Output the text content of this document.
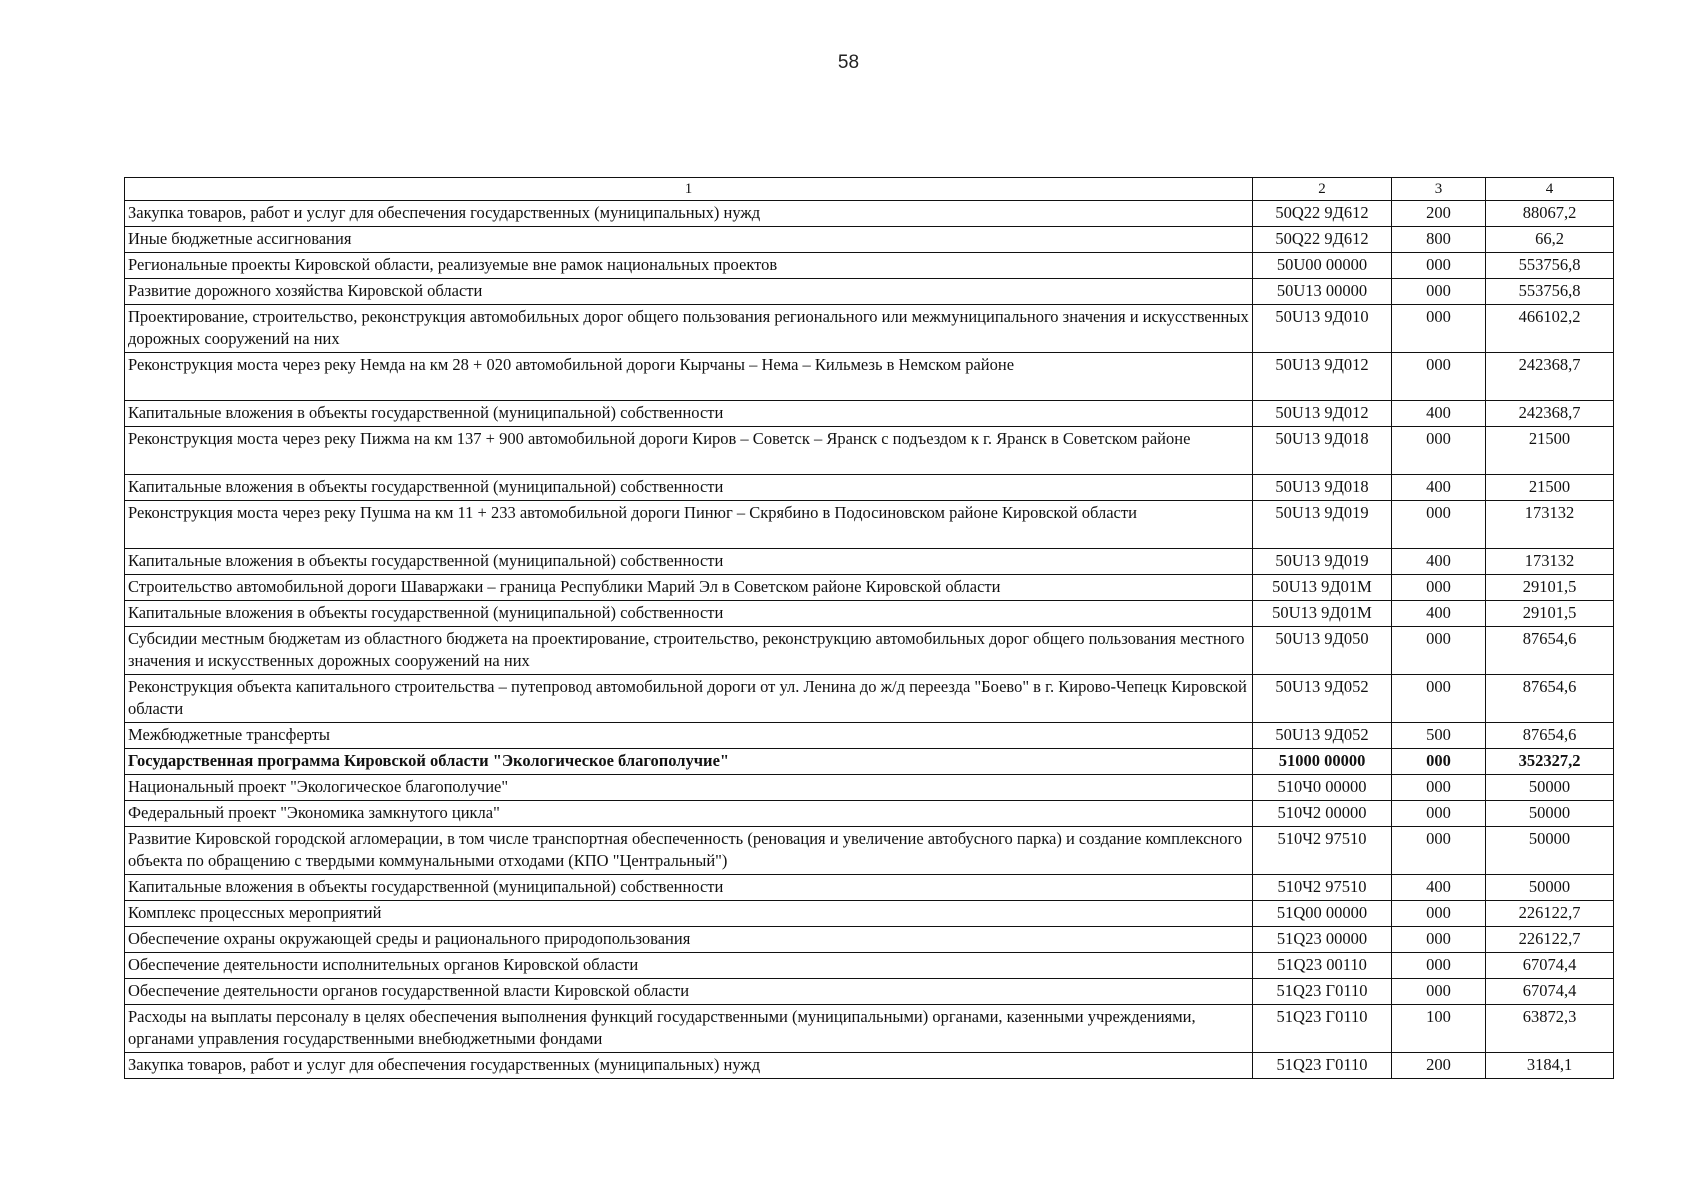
58
1	2	3	4
Закупка товаров, работ и услуг для обеспечения государственных (муниципальных) нужд	50Q22 9Д612	200	88067,2
Иные бюджетные ассигнования	50Q22 9Д612	800	66,2
Региональные проекты Кировской области, реализуемые вне рамок национальных проектов	50U00 00000	000	553756,8
Развитие дорожного хозяйства Кировской области	50U13 00000	000	553756,8
Проектирование, строительство, реконструкция автомобильных дорог общего пользования регионального или межмуниципального значения и искусственных дорожных сооружений на них	50U13 9Д010	000	466102,2
Реконструкция моста через реку Немда на км 28 + 020 автомобильной дороги Кырчаны – Нема – Кильмезь в Немском районе	50U13 9Д012	000	242368,7
Капитальные вложения в объекты государственной (муниципальной) собственности	50U13 9Д012	400	242368,7
Реконструкция моста через реку Пижма на км 137 + 900 автомобильной дороги Киров – Советск – Яранск с подъездом к г. Яранск в Советском районе	50U13 9Д018	000	21500
Капитальные вложения в объекты государственной (муниципальной) собственности	50U13 9Д018	400	21500
Реконструкция моста через реку Пушма на км 11 + 233 автомобильной дороги Пинюг – Скрябино в Подосиновском районе Кировской области	50U13 9Д019	000	173132
Капитальные вложения в объекты государственной (муниципальной) собственности	50U13 9Д019	400	173132
Строительство автомобильной дороги Шаваржаки – граница Республики Марий Эл в Советском районе Кировской области	50U13 9Д01М	000	29101,5
Капитальные вложения в объекты государственной (муниципальной) собственности	50U13 9Д01М	400	29101,5
Субсидии местным бюджетам из областного бюджета на проектирование, строительство, реконструкцию автомобильных дорог общего пользования местного значения и искусственных дорожных сооружений на них	50U13 9Д050	000	87654,6
Реконструкция объекта капитального строительства – путепровод автомобильной дороги от ул. Ленина до ж/д переезда "Боево" в г. Кирово-Чепецк Кировской области	50U13 9Д052	000	87654,6
Межбюджетные трансферты	50U13 9Д052	500	87654,6
Государственная программа Кировской области "Экологическое благополучие"	51000 00000	000	352327,2
Национальный проект "Экологическое благополучие"	510Ч0 00000	000	50000
Федеральный проект "Экономика замкнутого цикла"	510Ч2 00000	000	50000
Развитие Кировской городской агломерации, в том числе транспортная обеспеченность (реновация и увеличение автобусного парка) и создание комплексного объекта по обращению с твердыми коммунальными отходами (КПО "Центральный")	510Ч2 97510	000	50000
Капитальные вложения в объекты государственной (муниципальной) собственности	510Ч2 97510	400	50000
Комплекс процессных мероприятий	51Q00 00000	000	226122,7
Обеспечение охраны окружающей среды и рационального природопользования	51Q23 00000	000	226122,7
Обеспечение деятельности исполнительных органов Кировской области	51Q23 00110	000	67074,4
Обеспечение деятельности органов государственной власти Кировской области	51Q23 Г0110	000	67074,4
Расходы на выплаты персоналу в целях обеспечения выполнения функций государственными (муниципальными) органами, казенными учреждениями, органами управления государственными внебюджетными фондами	51Q23 Г0110	100	63872,3
Закупка товаров, работ и услуг для обеспечения государственных (муниципальных) нужд	51Q23 Г0110	200	3184,1
